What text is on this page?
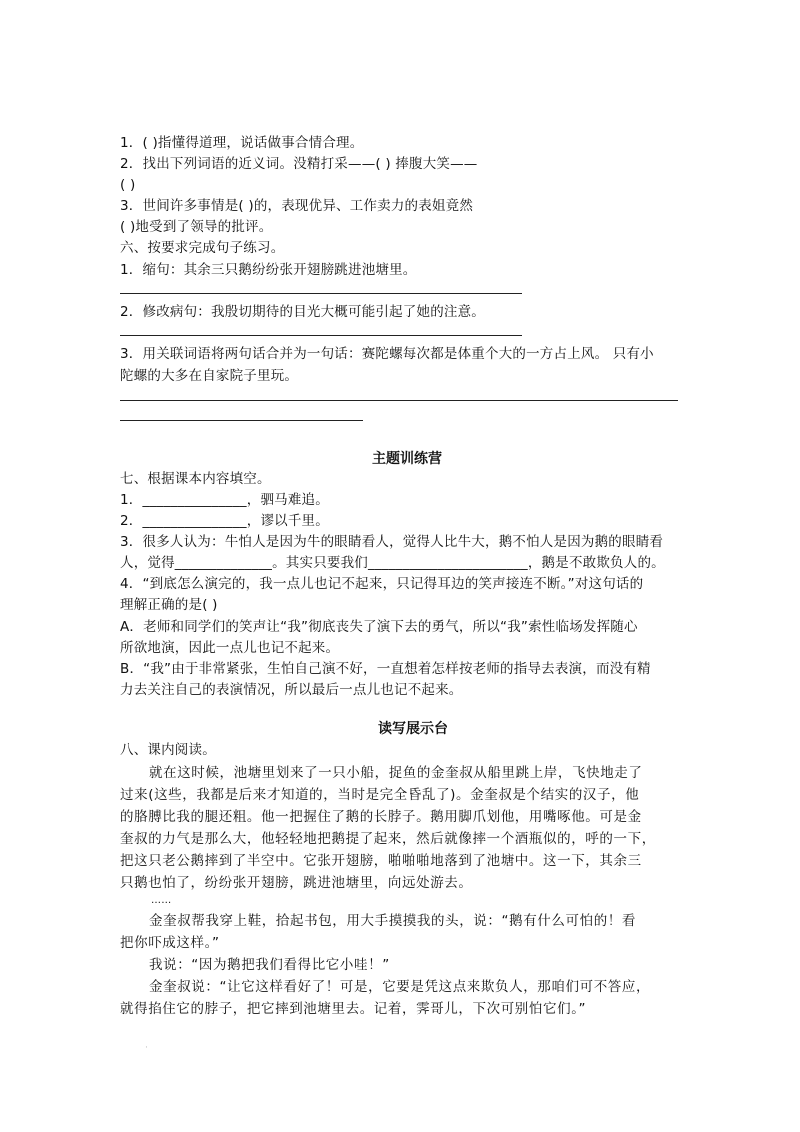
1．( )指懂得道理，说话做事合情合理。
2．找出下列词语的近义词。没精打采——( ) 捧腹大笑——
( )
3．世间许多事情是( )的，表现优异、工作卖力的表姐竟然
( )地受到了领导的批评。
六、按要求完成句子练习。
1．缩句：其余三只鹅纷纷张开翅膀跳进池塘里。
2．修改病句：我殷切期待的目光大概可能引起了她的注意。
3．用关联词语将两句话合并为一句话：赛陀螺每次都是体重个大的一方占上风。 只有小
陀螺的大多在自家院子里玩。
主题训练营
七、根据课本内容填空。
1．_______________，驷马难追。
2．_______________，谬以千里。
3．很多人认为：牛怕人是因为牛的眼睛看人，觉得人比牛大，鹅不怕人是因为鹅的眼睛看
人，觉得______________。其实只要我们_______________________，鹅是不敢欺负人的。
4．“到底怎么演完的，我一点儿也记不起来，只记得耳边的笑声接连不断。”对这句话的
理解正确的是( )
A．老师和同学们的笑声让“我”彻底丧失了演下去的勇气，所以“我”索性临场发挥随心
所欲地演，因此一点儿也记不起来。
B．“我”由于非常紧张，生怕自己演不好，一直想着怎样按老师的指导去表演，而没有精
力去关注自己的表演情况，所以最后一点儿也记不起来。
读写展示台
八、课内阅读。
就在这时候，池塘里划来了一只小船，捉鱼的金奎叔从船里跳上岸，飞快地走了
过来(这些，我都是后来才知道的，当时是完全昏乱了)。金奎叔是个结实的汉子，他
的胳膊比我的腿还粗。他一把握住了鹅的长脖子。鹅用脚爪划他，用嘴啄他。可是金
奎叔的力气是那么大，他轻轻地把鹅提了起来，然后就像摔一个酒瓶似的，呼的一下，
把这只老公鹅摔到了半空中。它张开翅膀，啪啪啪地落到了池塘中。这一下，其余三
只鹅也怕了，纷纷张开翅膀，跳进池塘里，向远处游去。
……
金奎叔帮我穿上鞋，拾起书包，用大手摸摸我的头，说：“鹅有什么可怕的！看
把你吓成这样。”
我说：“因为鹅把我们看得比它小哇！”
金奎叔说：“让它这样看好了！可是，它要是凭这点来欺负人，那咱们可不答应，
就得掐住它的脖子，把它摔到池塘里去。记着，霁哥儿，下次可别怕它们。”
·
